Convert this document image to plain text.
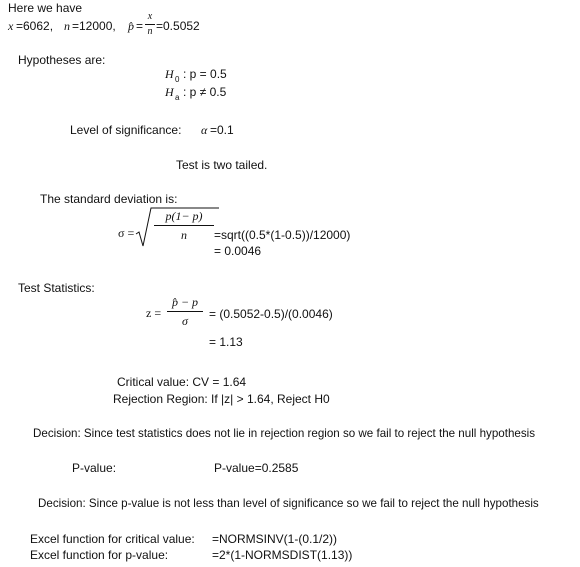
Here we have
x =6062, n =12000, p̂ =
x
n =0.5052
Hypotheses are:
H 0 : p = 0.5
H a : p ≠ 0.5
Level of significance: α =0.1
Test is two tailed.
The standard deviation is:
σ =
p(1− p)
n	=sqrt((0.5*(1-0.5))/12000)
= 0.0046
Test Statistics:
z =
p̂ − p
σ	= (0.5052-0.5)/(0.0046)
= 1.13
Critical value: CV = 1.64
Rejection Region: If |z| > 1.64, Reject H0
Decision: Since test statistics does not lie in rejection region so we fail to reject the null hypothesis
P-value:	P-value=0.2585
Decision: Since p-value is not less than level of significance so we fail to reject the null hypothesis
Excel function for critical value: =NORMSINV(1-(0.1/2))
Excel function for p-value:	=2*(1-NORMSDIST(1.13))
